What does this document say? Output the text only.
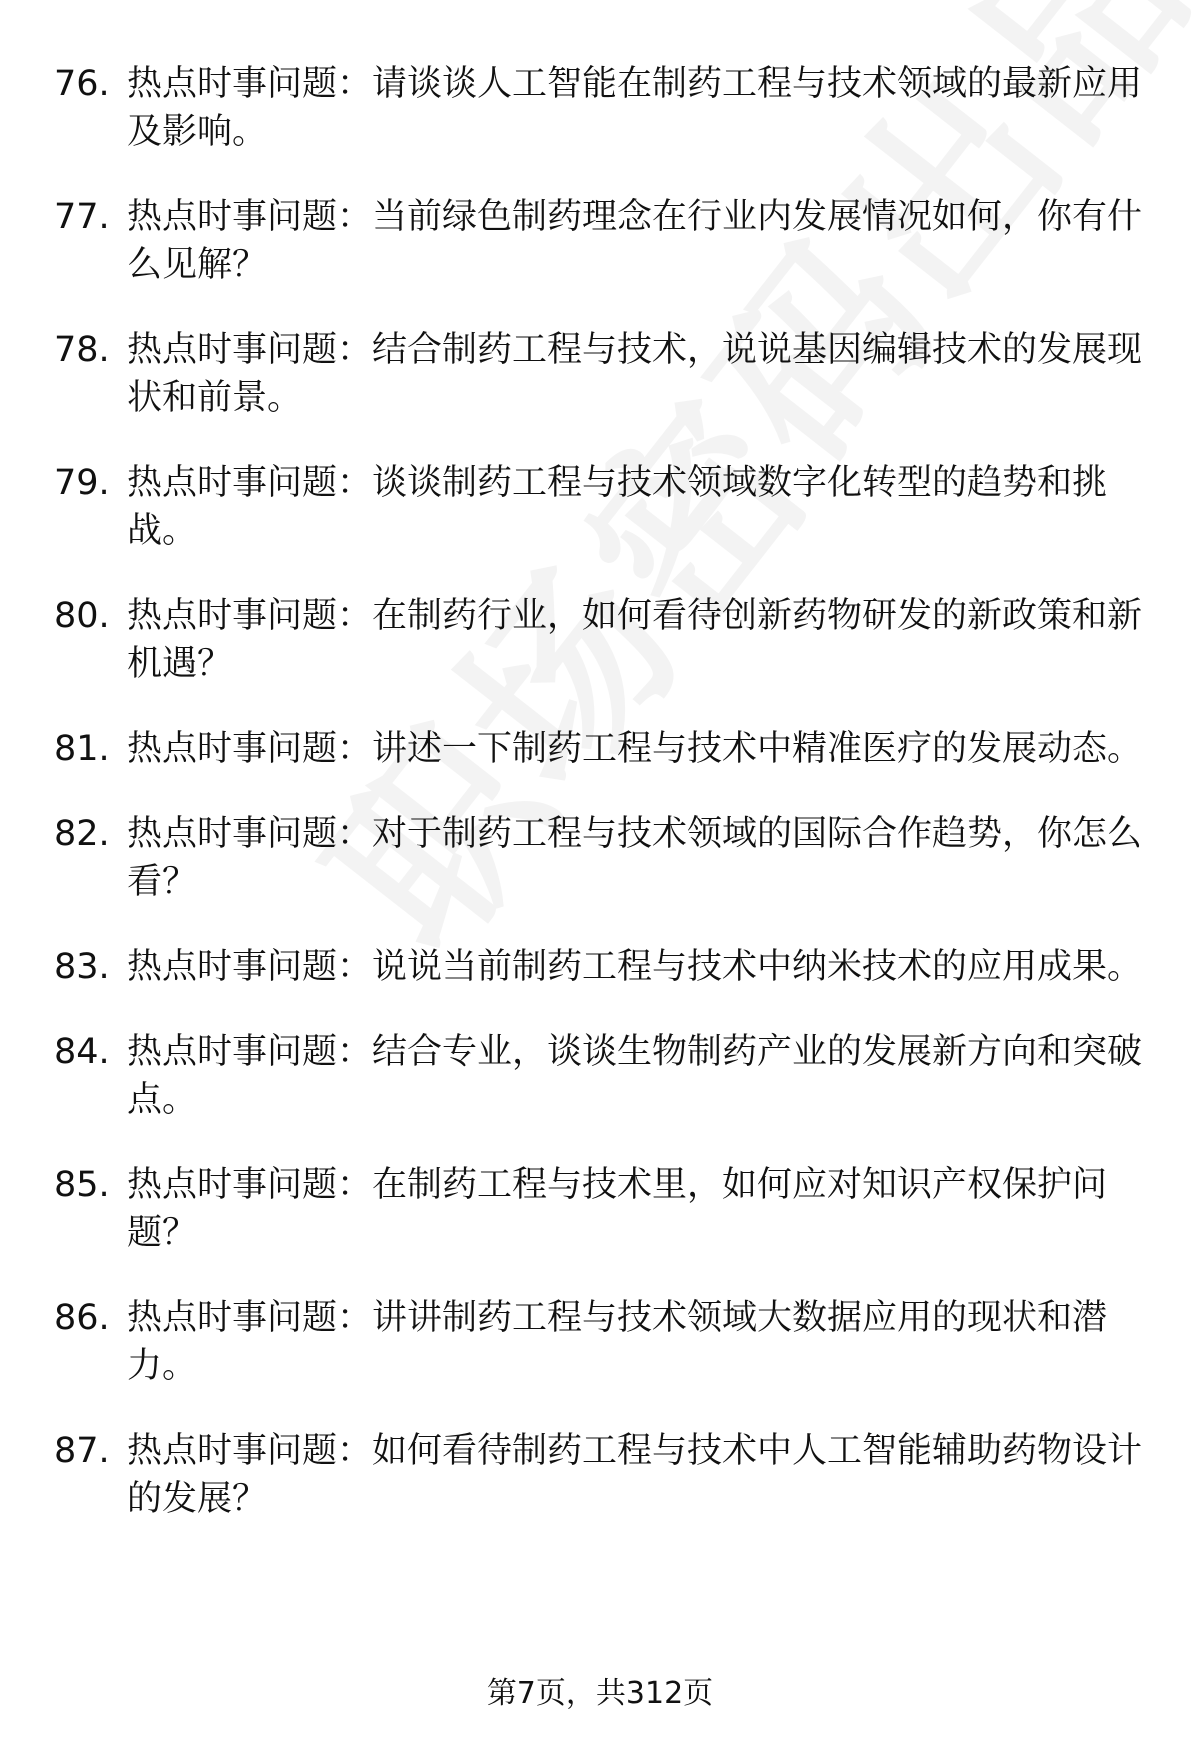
76. 热点时事问题：请谈谈人工智能在制药工程与技术领域的最新应用及影响。
77. 热点时事问题：当前绿色制药理念在行业内发展情况如何，你有什么见解？
78. 热点时事问题：结合制药工程与技术，说说基因编辑技术的发展现状和前景。
79. 热点时事问题：谈谈制药工程与技术领域数字化转型的趋势和挑战。
80. 热点时事问题：在制药行业，如何看待创新药物研发的新政策和新机遇？
81. 热点时事问题：讲述一下制药工程与技术中精准医疗的发展动态。
82. 热点时事问题：对于制药工程与技术领域的国际合作趋势，你怎么看？
83. 热点时事问题：说说当前制药工程与技术中纳米技术的应用成果。
84. 热点时事问题：结合专业，谈谈生物制药产业的发展新方向和突破点。
85. 热点时事问题：在制药工程与技术里，如何应对知识产权保护问题？
86. 热点时事问题：讲讲制药工程与技术领域大数据应用的现状和潜力。
87. 热点时事问题：如何看待制药工程与技术中人工智能辅助药物设计的发展？
第7页，共312页
